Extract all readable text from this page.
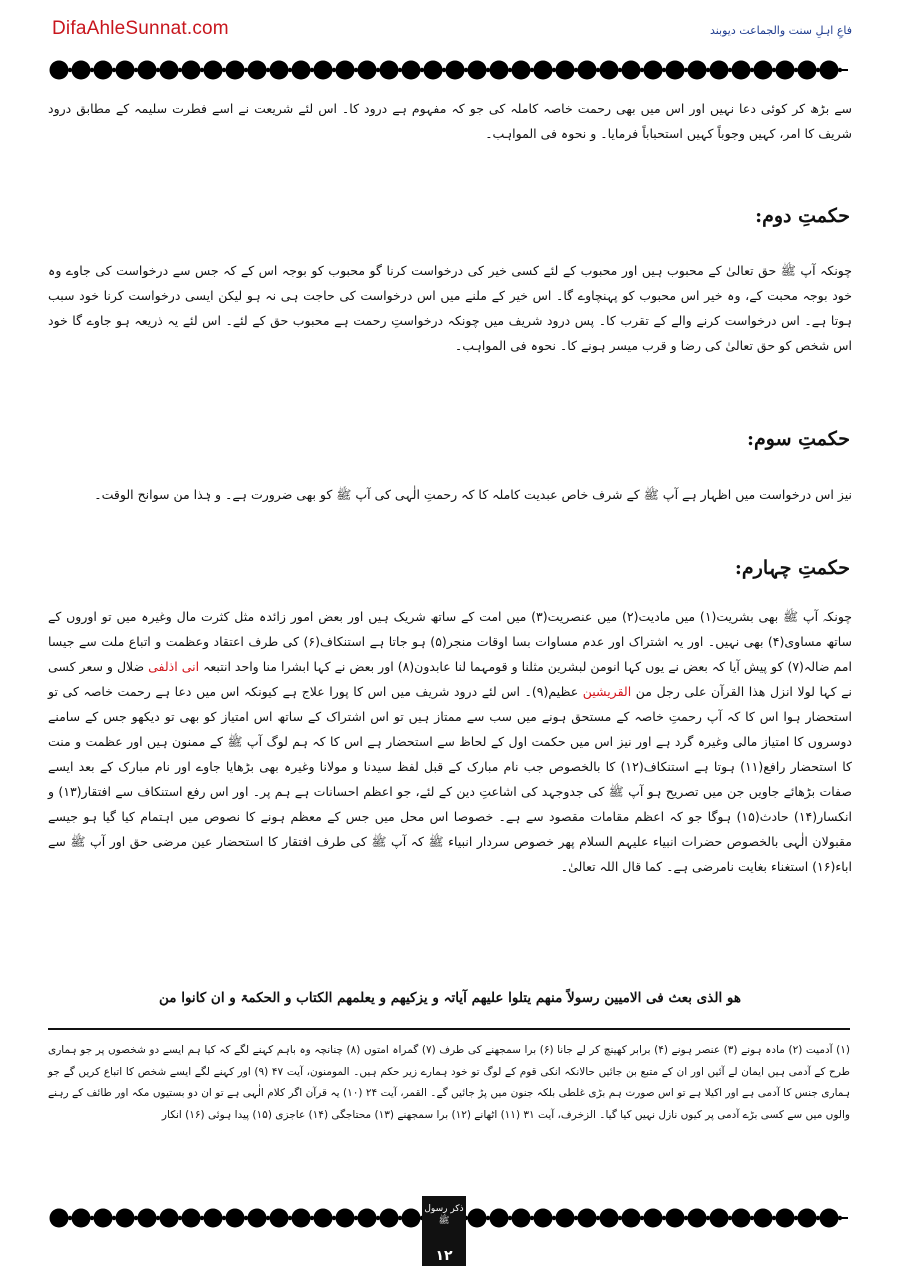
DifaAhleSunnat.com	فاعِ اہلِ سنت والجماعت دیوبند

سے بڑھ کر کوئی دعا نہیں اور اس میں بھی رحمت خاصہ کاملہ کی جو کہ مفہوم ہے درود کا۔ اس لئے شریعت نے اسے فطرت سلیمہ کے مطابق درود شریف کا امر، کہیں وجوباً کہیں استحباباً فرمایا۔ و نحوہ فی المواہب۔

حکمتِ دوم:

چونکہ آپ ﷺ حق تعالیٰ کے محبوب ہیں اور محبوب کے لئے کسی خیر کی درخواست کرنا گو محبوب کو بوجہ اس کے کہ جس سے درخواست کی جاوے وہ خود بوجہ محبت کے، وہ خیر اس محبوب کو پہنچاوے گا۔ اس خیر کے ملنے میں اس درخواست کی حاجت ہی نہ ہو لیکن ایسی درخواست کرنا خود سبب ہوتا ہے۔ اس درخواست کرنے والے کے تقرب کا۔ پس درود شریف میں چونکہ درخواستِ رحمت ہے محبوب حق کے لئے۔ اس لئے یہ ذریعہ ہو جاوے گا خود اس شخص کو حق تعالیٰ کی رضا و قرب میسر ہونے کا۔ نحوہ فی المواہب۔

حکمتِ سوم:

نیز اس درخواست میں اظہار ہے آپ ﷺ کے شرف خاص عبدیت کاملہ کا کہ رحمتِ الٰہی کی آپ ﷺ کو بھی ضرورت ہے۔ و ہٰذا من سوانح الوقت۔

حکمتِ چہارم:

چونکہ آپ ﷺ بھی بشریت(۱) میں مادیت(۲) میں عنصریت(۳) میں امت کے ساتھ شریک ہیں اور بعض امور زائدہ مثل کثرت مال وغیرہ میں تو اوروں کے ساتھ مساوی(۴) بھی نہیں۔ اور یہ اشتراک اور عدم مساوات بسا اوقات منجر(۵) ہو جاتا ہے استنکاف(۶) کی طرف اعتقاد وعظمت و اتباع ملت سے جیسا امم ضالہ(۷) کو پیش آیا کہ بعض نے یوں کہا انومن لبشرین مثلنا و قومہما لنا عابدون(۸) اور بعض نے کہا ابشرا منا واحد انتبعہ انی اذلفی ضلال و سعر کسی نے کہا لولا انزل ھذا القرآن علی رجل من القریشین عظیم(۹)۔ اس لئے درود شریف میں اس کا پورا علاج ہے کیونکہ اس میں دعا ہے رحمت خاصہ کی تو استحضار ہوا اس کا کہ آپ رحمتِ خاصہ کے مستحق ہونے میں سب سے ممتاز ہیں تو اس اشتراک کے ساتھ اس امتیاز کو بھی تو دیکھو جس کے سامنے دوسروں کا امتیاز مالی وغیرہ گرد ہے اور نیز اس میں حکمت اول کے لحاظ سے استحضار ہے اس کا کہ ہم لوگ آپ ﷺ کے ممنون ہیں اور عظمت و منت کا استحضار رافع(۱۱) ہوتا ہے استنکاف(۱۲) کا بالخصوص جب نام مبارک کے قبل لفظ سیدنا و مولانا وغیرہ بھی بڑھایا جاوے اور نام مبارک کے بعد ایسے صفات بڑھائے جاویں جن میں تصریح ہو آپ ﷺ کی جدوجہد کی اشاعتِ دین کے لئے، جو اعظم احسانات ہے ہم پر۔ اور اس رفع استنکاف سے افتقار(۱۳) و انکسار(۱۴) حادث(۱۵) ہوگا جو کہ اعظم مقامات مقصود سے ہے۔ خصوصا اس محل میں جس کے معظم ہونے کا نصوص میں اہتمام کیا گیا ہو جیسے مقبولان الٰہی بالخصوص حضرات انبیاء علیہم السلام پھر خصوص سردار انبیاء ﷺ کہ آپ ﷺ کی طرف افتقار کا استحضار عین مرضی حق اور آپ ﷺ سے اباء(۱۶) استغناء بغایت نامرضی ہے۔ کما قال اللہ تعالیٰ۔

ھو الذی بعث فی الامیین رسولاً منھم یتلوا علیھم آیاتہ و یزکیھم و یعلمھم الکتاب و الحکمۃ و ان کانوا من
(۱) آدمیت (۲) مادہ ہونے (۳) عنصر ہونے (۴) برابر کھینچ کر لے جانا (۶) برا سمجھنے کی طرف (۷) گمراہ امتوں (۸) چنانچہ وہ باہم کہنے لگے کہ کیا ہم ایسے دو شخصوں پر جو ہماری طرح کے آدمی ہیں ایمان لے آئیں اور ان کے متبع بن جائیں حالانکہ انکی قوم کے لوگ تو خود ہمارے زیر حکم ہیں۔ المومنون، آیت ۴۷ (۹) اور کہنے لگے ایسے شخص کا اتباع کریں گے جو ہماری جنس کا آدمی ہے اور اکیلا ہے تو اس صورت ہم بڑی غلطی بلکہ جنون میں پڑ جائیں گے۔ القمر، آیت ۲۴ (۱۰) یہ قرآن اگر کلام الٰہی ہے تو ان دو بستیوں مکہ اور طائف کے رہنے والوں میں سے کسی بڑے آدمی پر کیوں نازل نہیں کیا گیا۔ الزخرف، آیت ۳۱ (۱۱) اٹھانے (۱۲) برا سمجھنے (۱۳) محتاجگی (۱۴) عاجزی (۱۵) پیدا ہوئی (۱۶) انکار
ذکر رسول ﷺ
۱۲
